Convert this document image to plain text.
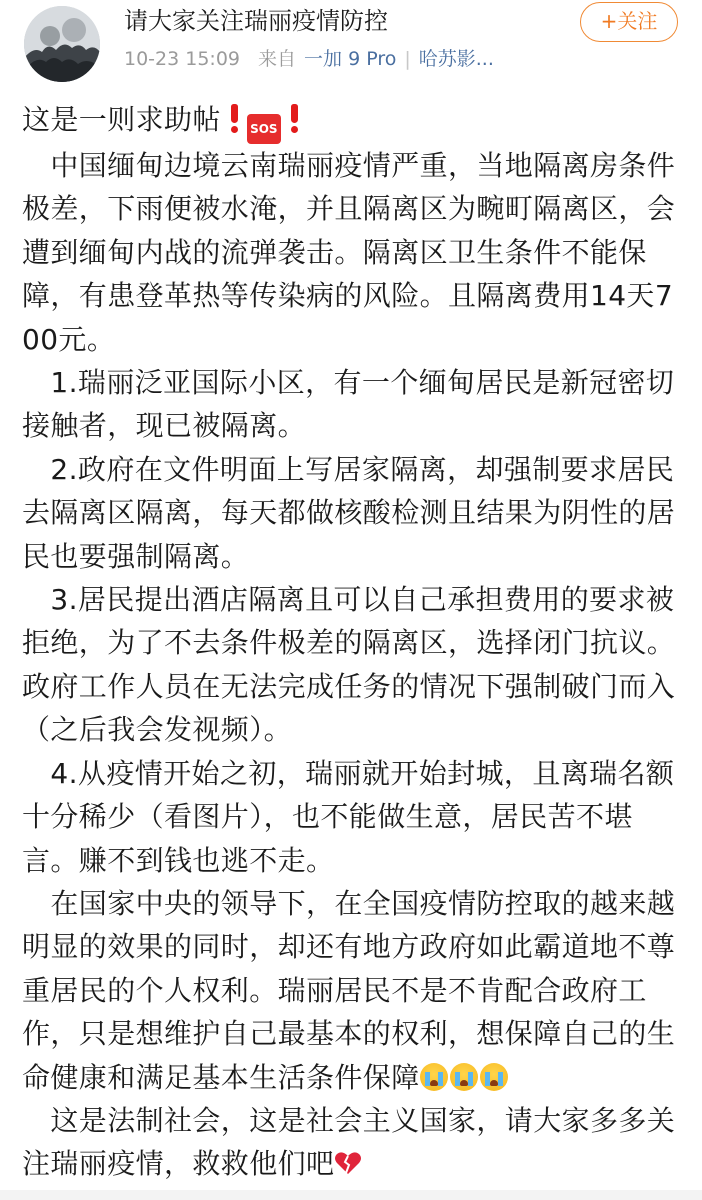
请大家关注瑞丽疫情防控
10-23 15:09 来自 一加 9 Pro | 哈苏影...
+关注

这是一则求助帖 SOS

　中国缅甸边境云南瑞丽疫情严重，当地隔离房条件极差，下雨便被水淹，并且隔离区为畹町隔离区，会遭到缅甸内战的流弹袭击。隔离区卫生条件不能保障，有患登革热等传染病的风险。且隔离费用14天700元。

　1.瑞丽泛亚国际小区，有一个缅甸居民是新冠密切接触者，现已被隔离。

　2.政府在文件明面上写居家隔离，却强制要求居民去隔离区隔离，每天都做核酸检测且结果为阴性的居民也要强制隔离。

　3.居民提出酒店隔离且可以自己承担费用的要求被拒绝，为了不去条件极差的隔离区，选择闭门抗议。政府工作人员在无法完成任务的情况下强制破门而入（之后我会发视频）。

　4.从疫情开始之初，瑞丽就开始封城，且离瑞名额十分稀少（看图片），也不能做生意，居民苦不堪言。赚不到钱也逃不走。

　在国家中央的领导下，在全国疫情防控取的越来越明显的效果的同时，却还有地方政府如此霸道地不尊重居民的个人权利。瑞丽居民不是不肯配合政府工作，只是想维护自己最基本的权利，想保障自己的生命健康和满足基本生活条件保障

　这是法制社会，这是社会主义国家，请大家多多关注瑞丽疫情，救救他们吧
